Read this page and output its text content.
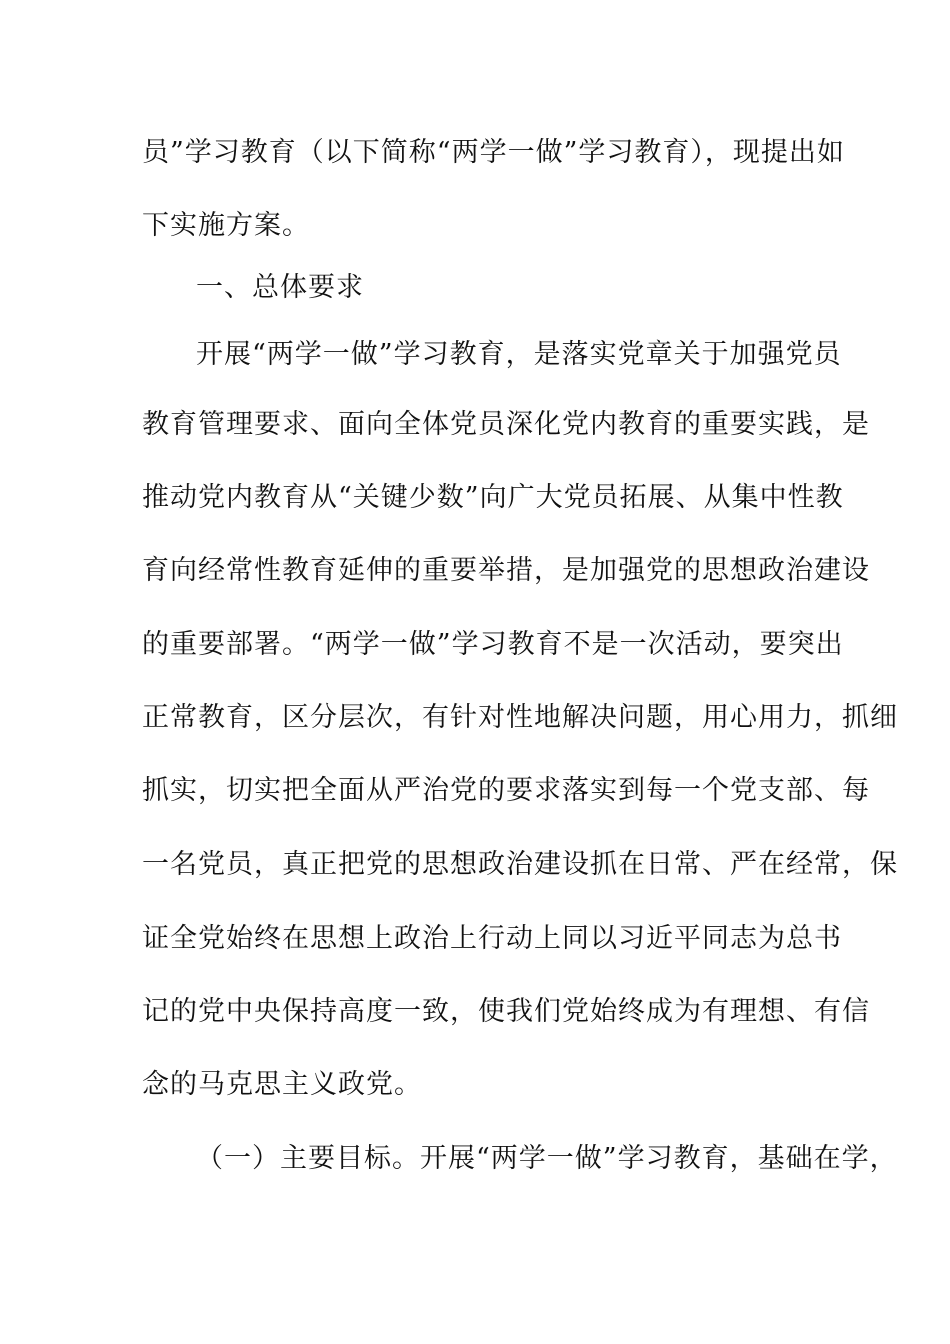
员”学习教育（以下简称“两学一做”学习教育），现提出如
下实施方案。
一、总体要求
开展“两学一做”学习教育，是落实党章关于加强党员
教育管理要求、面向全体党员深化党内教育的重要实践，是
推动党内教育从“关键少数”向广大党员拓展、从集中性教
育向经常性教育延伸的重要举措，是加强党的思想政治建设
的重要部署。“两学一做”学习教育不是一次活动，要突出
正常教育，区分层次，有针对性地解决问题，用心用力，抓细
抓实，切实把全面从严治党的要求落实到每一个党支部、每
一名党员，真正把党的思想政治建设抓在日常、严在经常，保
证全党始终在思想上政治上行动上同以习近平同志为总书
记的党中央保持高度一致，使我们党始终成为有理想、有信
念的马克思主义政党。
（一）主要目标。开展“两学一做”学习教育，基础在学，
